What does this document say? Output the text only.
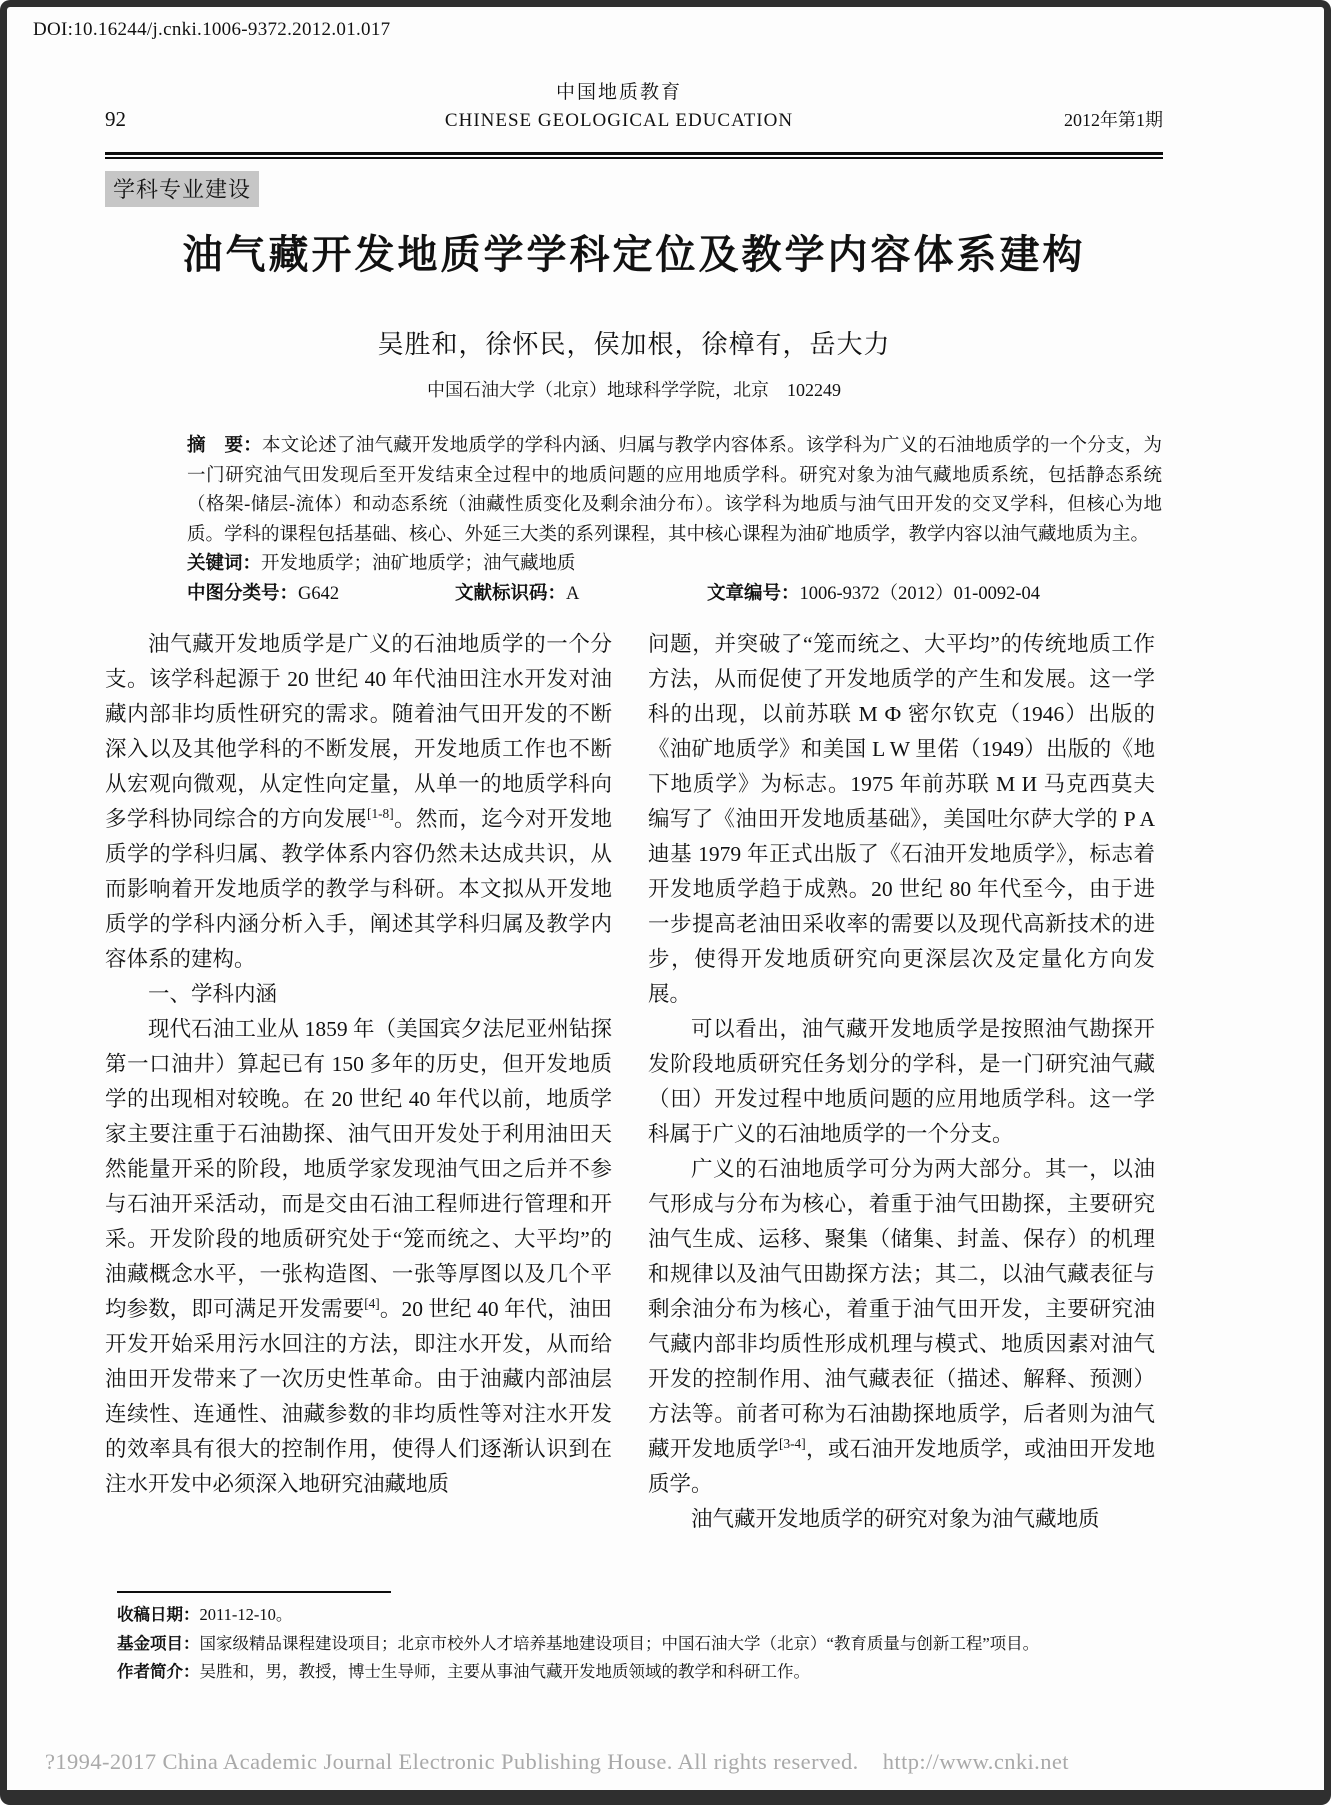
DOI:10.16244/j.cnki.1006-9372.2012.01.017
92
中国地质教育
CHINESE GEOLOGICAL EDUCATION	2012年第1期
学科专业建设
油气藏开发地质学学科定位及教学内容体系建构
吴胜和，徐怀民，侯加根，徐樟有，岳大力
中国石油大学（北京）地球科学学院，北京　102249

摘　要：本文论述了油气藏开发地质学的学科内涵、归属与教学内容体系。该学科为广义的石油地质学的一个分支，为一门研究油气田发现后至开发结束全过程中的地质问题的应用地质学科。研究对象为油气藏地质系统，包括静态系统（格架-储层-流体）和动态系统（油藏性质变化及剩余油分布）。该学科为地质与油气田开发的交叉学科，但核心为地质。学科的课程包括基础、核心、外延三大类的系列课程，其中核心课程为油矿地质学，教学内容以油气藏地质为主。

关键词：开发地质学；油矿地质学；油气藏地质

中图分类号：G642	文献标识码：A	文章编号：1006-9372（2012）01-0092-04

油气藏开发地质学是广义的石油地质学的一个分支。该学科起源于 20 世纪 40 年代油田注水开发对油藏内部非均质性研究的需求。随着油气田开发的不断深入以及其他学科的不断发展，开发地质工作也不断从宏观向微观，从定性向定量，从单一的地质学科向多学科协同综合的方向发展[1-8]。然而，迄今对开发地质学的学科归属、教学体系内容仍然未达成共识，从而影响着开发地质学的教学与科研。本文拟从开发地质学的学科内涵分析入手，阐述其学科归属及教学内容体系的建构。

一、学科内涵

现代石油工业从 1859 年（美国宾夕法尼亚州钻探第一口油井）算起已有 150 多年的历史，但开发地质学的出现相对较晚。在 20 世纪 40 年代以前，地质学家主要注重于石油勘探、油气田开发处于利用油田天然能量开采的阶段，地质学家发现油气田之后并不参与石油开采活动，而是交由石油工程师进行管理和开采。开发阶段的地质研究处于“笼而统之、大平均”的油藏概念水平，一张构造图、一张等厚图以及几个平均参数，即可满足开发需要[4]。20 世纪 40 年代，油田开发开始采用污水回注的方法，即注水开发，从而给油田开发带来了一次历史性革命。由于油藏内部油层连续性、连通性、油藏参数的非均质性等对注水开发的效率具有很大的控制作用，使得人们逐渐认识到在注水开发中必须深入地研究油藏地质

问题，并突破了“笼而统之、大平均”的传统地质工作方法，从而促使了开发地质学的产生和发展。这一学科的出现，以前苏联 M Ф 密尔钦克（1946）出版的《油矿地质学》和美国 L W 里偌（1949）出版的《地下地质学》为标志。1975 年前苏联 М И 马克西莫夫编写了《油田开发地质基础》，美国吐尔萨大学的 P A 迪基 1979 年正式出版了《石油开发地质学》，标志着开发地质学趋于成熟。20 世纪 80 年代至今，由于进一步提高老油田采收率的需要以及现代高新技术的进步，使得开发地质研究向更深层次及定量化方向发展。

可以看出，油气藏开发地质学是按照油气勘探开发阶段地质研究任务划分的学科，是一门研究油气藏（田）开发过程中地质问题的应用地质学科。这一学科属于广义的石油地质学的一个分支。

广义的石油地质学可分为两大部分。其一，以油气形成与分布为核心，着重于油气田勘探，主要研究油气生成、运移、聚集（储集、封盖、保存）的机理和规律以及油气田勘探方法；其二，以油气藏表征与剩余油分布为核心，着重于油气田开发，主要研究油气藏内部非均质性形成机理与模式、地质因素对油气开发的控制作用、油气藏表征（描述、解释、预测）方法等。前者可称为石油勘探地质学，后者则为油气藏开发地质学[3-4]，或石油开发地质学，或油田开发地质学。

油气藏开发地质学的研究对象为油气藏地质

收稿日期：2011-12-10。

基金项目：国家级精品课程建设项目；北京市校外人才培养基地建设项目；中国石油大学（北京）“教育质量与创新工程”项目。

作者简介：吴胜和，男，教授，博士生导师，主要从事油气藏开发地质领域的教学和科研工作。

?1994-2017 China Academic Journal Electronic Publishing House. All rights reserved.    http://www.cnki.net
